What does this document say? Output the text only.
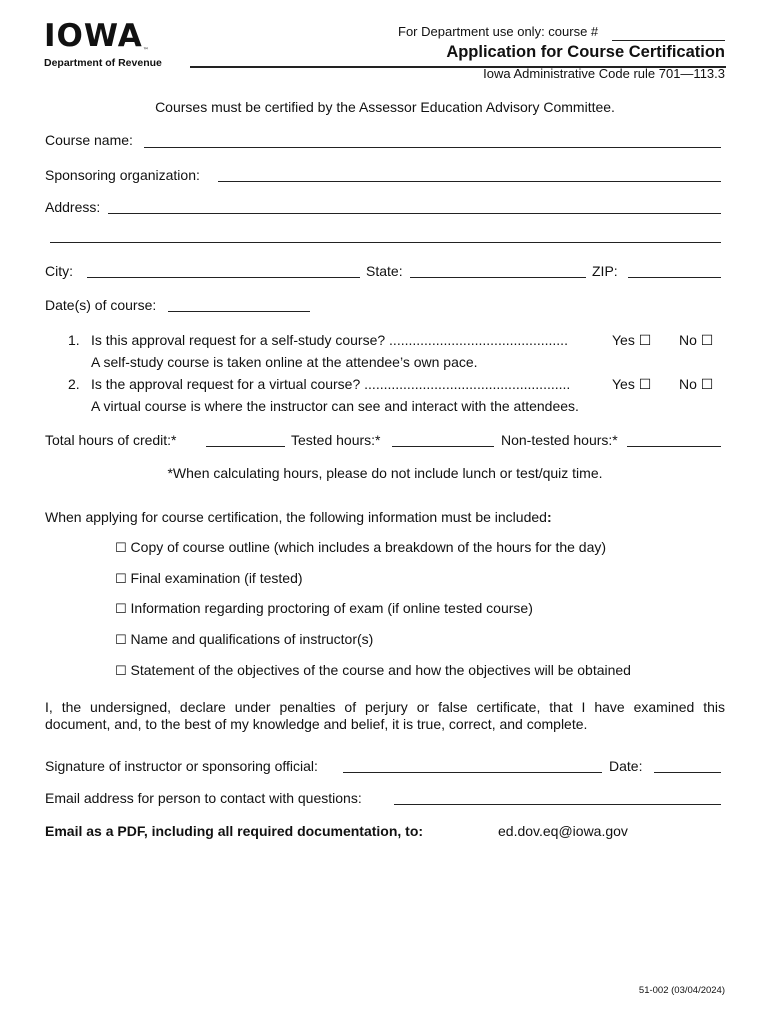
IOWA™
Department of Revenue
For Department use only: course #
Application for Course Certification
Iowa Administrative Code rule 701—113.3
Courses must be certified by the Assessor Education Advisory Committee.
Course name:
Sponsoring organization:
Address:
City:	State:	ZIP:
Date(s) of course:
1. Is this approval request for a self-study course? ..............................................	Yes ☐ No ☐
A self-study course is taken online at the attendee’s own pace.
2. Is the approval request for a virtual course? .....................................................	Yes ☐ No ☐
A virtual course is where the instructor can see and interact with the attendees.
Total hours of credit:*	Tested hours:*	Non-tested hours:*
*When calculating hours, please do not include lunch or test/quiz time.
When applying for course certification, the following information must be included:
☐ Copy of course outline (which includes a breakdown of the hours for the day)
☐ Final examination (if tested)
☐ Information regarding proctoring of exam (if online tested course)
☐ Name and qualifications of instructor(s)
☐ Statement of the objectives of the course and how the objectives will be obtained
I, the undersigned, declare under penalties of perjury or false certificate, that I have examined this
document, and, to the best of my knowledge and belief, it is true, correct, and complete.
Signature of instructor or sponsoring official:	Date:
Email address for person to contact with questions:
Email as a PDF, including all required documentation, to:	ed.dov.eq@iowa.gov
51-002 (03/04/2024)
